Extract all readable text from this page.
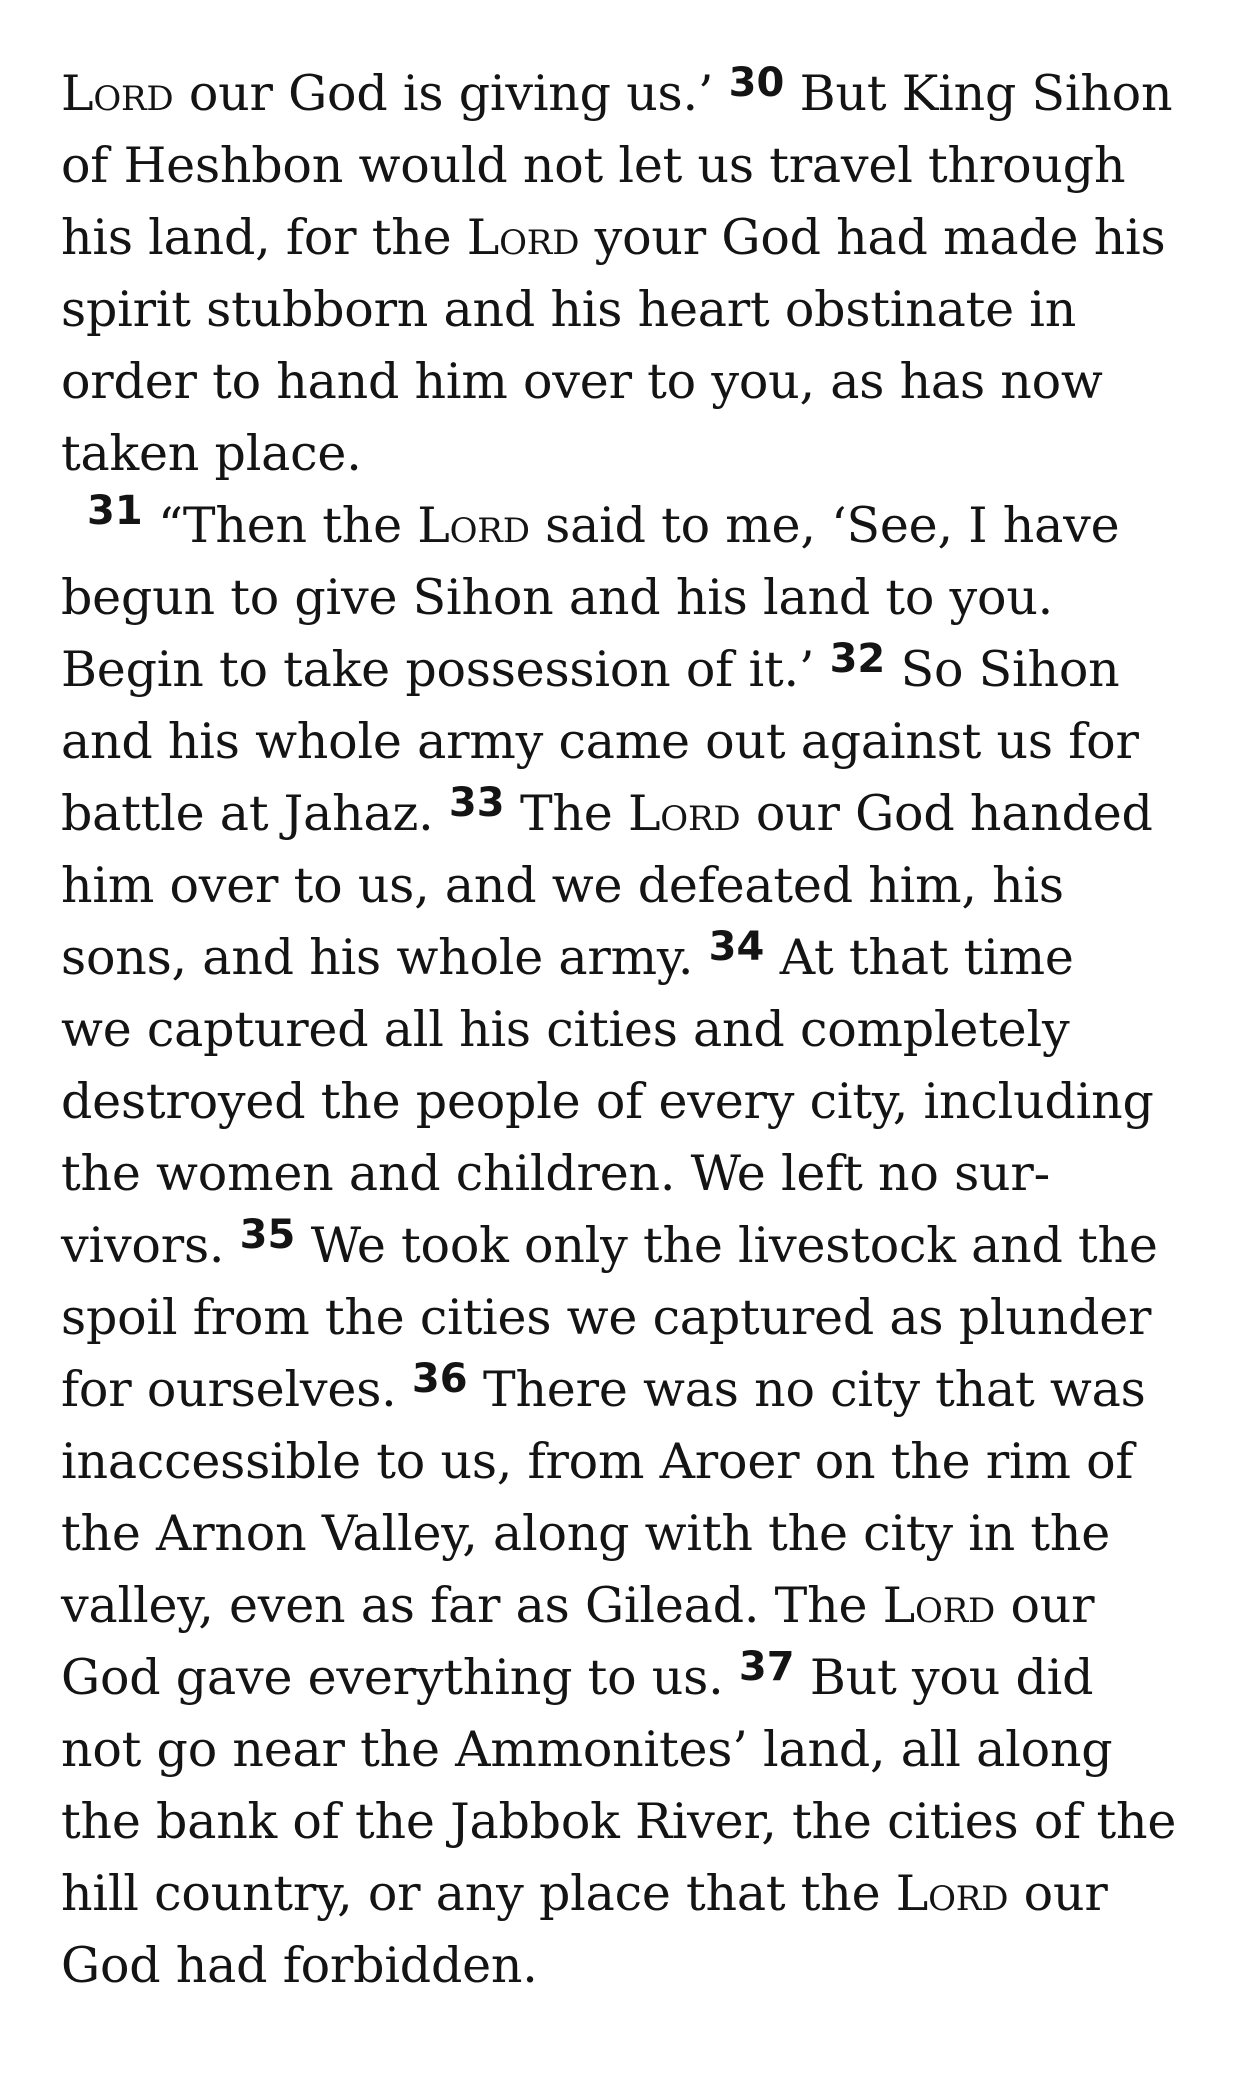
Lord our God is giving us.’ $^{30}$ But King Sihon
of Heshbon would not let us travel through
his land, for the Lord your God had made his
spirit stubborn and his heart obstinate in
order to hand him over to you, as has now
taken place.
$^{31}$ “Then the Lord said to me, ‘See, I have
begun to give Sihon and his land to you.
Begin to take possession of it.’ $^{32}$ So Sihon
and his whole army came out against us for
battle at Jahaz. $^{33}$ The Lord our God handed
him over to us, and we defeated him, his
sons, and his whole army. $^{34}$ At that time
we captured all his cities and completely
destroyed the people of every city, including
the women and children. We left no sur-
vivors. $^{35}$ We took only the livestock and the
spoil from the cities we captured as plunder
for ourselves. $^{36}$ There was no city that was
inaccessible to us, from Aroer on the rim of
the Arnon Valley, along with the city in the
valley, even as far as Gilead. The Lord our
God gave everything to us. $^{37}$ But you did
not go near the Ammonites’ land, all along
the bank of the Jabbok River, the cities of the
hill country, or any place that the Lord our
God had forbidden.
